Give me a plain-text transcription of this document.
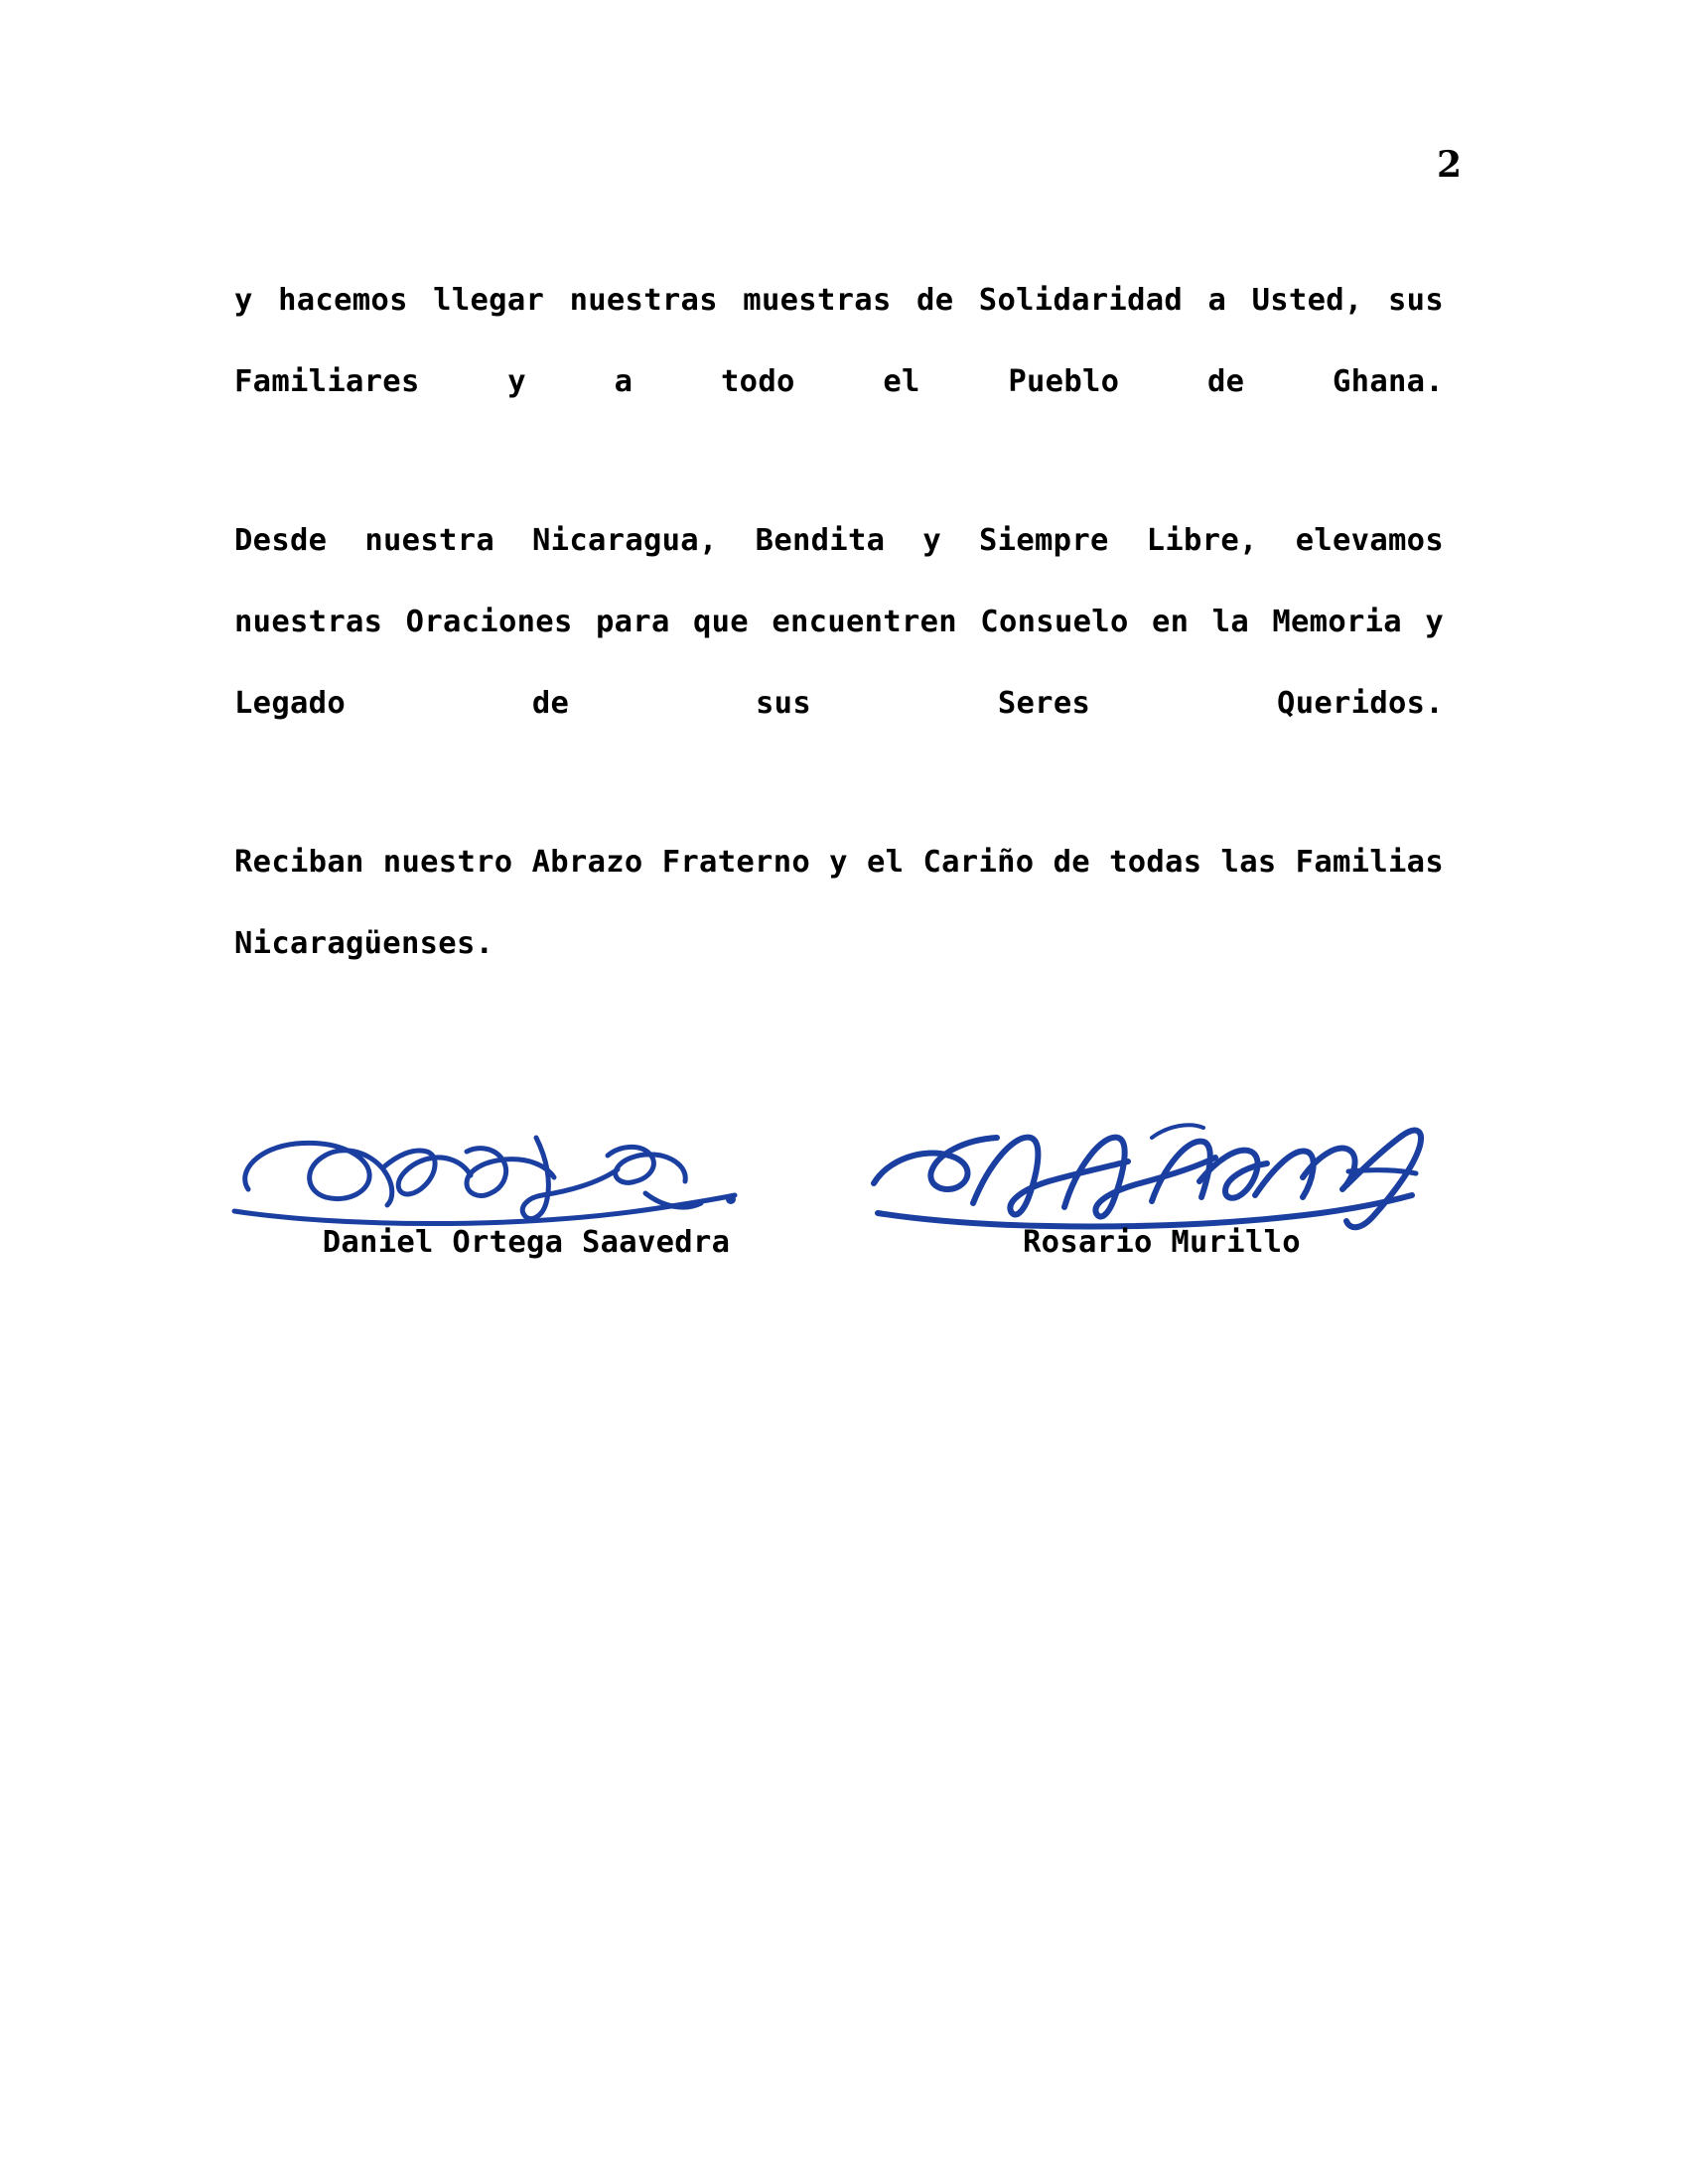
2

y hacemos llegar nuestras muestras de Solidaridad a Usted, sus Familiares y a todo el Pueblo de Ghana.

Desde nuestra Nicaragua, Bendita y Siempre Libre, elevamos nuestras Oraciones para que encuentren Consuelo en la Memoria y Legado de sus Seres Queridos.

Reciban nuestro Abrazo Fraterno y el Cariño de todas las Familias Nicaragüenses.

Daniel Ortega Saavedra	Rosario Murillo
